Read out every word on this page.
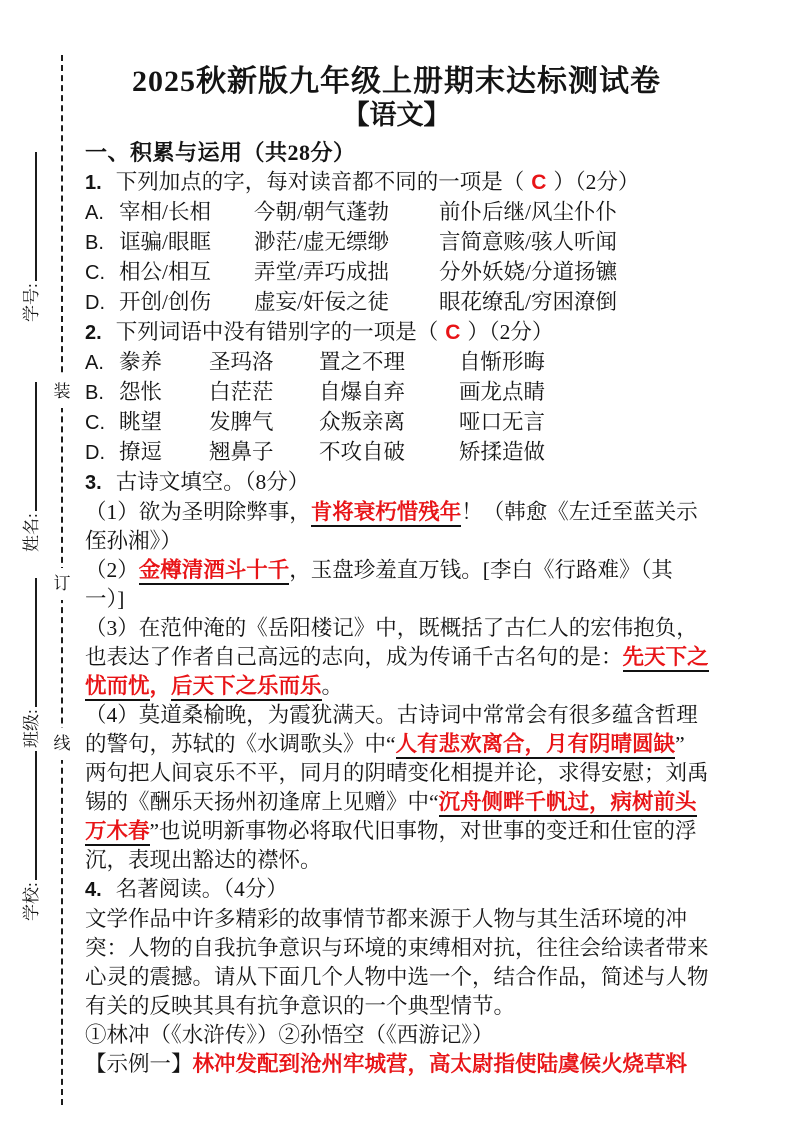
装
订
线
学号:
姓名:
班级:
学校:
2025秋新版九年级上册期末达标测试卷
【语文】
一、积累与运用（共28分）
1. 下列加点的字，每对读音都不同的一项是（ C ）（2分）
A. 宰相/长相	今朝/朝气蓬勃	前仆后继/风尘仆仆
B. 诓骗/眼眶	渺茫/虚无缥缈	言简意赅/骇人听闻
C. 相公/相互	弄堂/弄巧成拙	分外妖娆/分道扬镳
D. 开创/创伤	虚妄/奸佞之徒	眼花缭乱/穷困潦倒
2. 下列词语中没有错别字的一项是（ C ）（2分）
A. 豢养	圣玛洛	置之不理	自惭形晦
B. 怨怅	白茫茫	自爆自弃	画龙点睛
C. 眺望	发脾气	众叛亲离	哑口无言
D. 撩逗	翘鼻子	不攻自破	矫揉造做
3. 古诗文填空。（8分）
（1）欲为圣明除弊事，肯将衰朽惜残年！（韩愈《左迁至蓝关示
侄孙湘》）
（2）金樽清酒斗十千，玉盘珍羞直万钱。[李白《行路难》（其
一）]
（3）在范仲淹的《岳阳楼记》中，既概括了古仁人的宏伟抱负，
也表达了作者自己高远的志向，成为传诵千古名句的是：先天下之
忧而忧，后天下之乐而乐。
（4）莫道桑榆晚，为霞犹满天。古诗词中常常会有很多蕴含哲理
的警句，苏轼的《水调歌头》中“人有悲欢离合，月有阴晴圆缺”
两句把人间哀乐不平，同月的阴晴变化相提并论，求得安慰；刘禹
锡的《酬乐天扬州初逢席上见赠》中“沉舟侧畔千帆过，病树前头
万木春”也说明新事物必将取代旧事物，对世事的变迁和仕宦的浮
沉，表现出豁达的襟怀。
4. 名著阅读。（4分）
文学作品中许多精彩的故事情节都来源于人物与其生活环境的冲
突：人物的自我抗争意识与环境的束缚相对抗，往往会给读者带来
心灵的震撼。请从下面几个人物中选一个，结合作品，简述与人物
有关的反映其具有抗争意识的一个典型情节。
①林冲（《水浒传》）②孙悟空（《西游记》）
【示例一】林冲发配到沧州牢城营，高太尉指使陆虞候火烧草料
